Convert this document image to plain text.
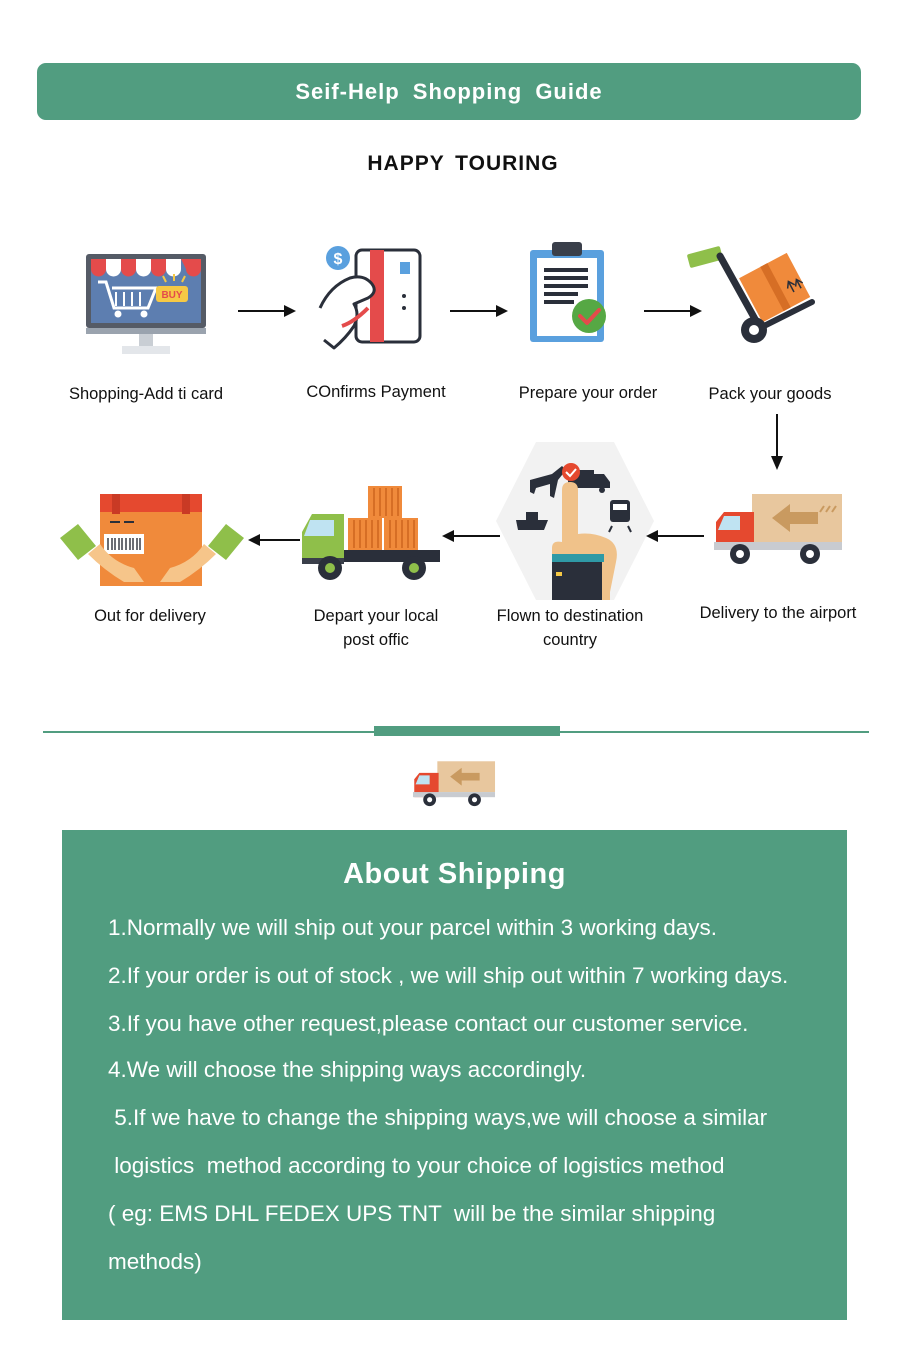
Seif-Help Shopping Guide
HAPPY TOURING
BUY
$
Shopping-Add ti card	COnfirms Payment	Prepare your order	Pack your goods
Delivery to the airport
Flown to destination
country
Depart your local
post offic
Out for delivery
About Shipping
1.Normally we will ship out your parcel within 3 working days.
2.If your order is out of stock , we will ship out within 7 working days.
3.If you have other request,please contact our customer service.
4.We will choose the shipping ways accordingly.
5.If we have to change the shipping ways,we will choose a similar
logistics  method according to your choice of logistics method
( eg: EMS DHL FEDEX UPS TNT  will be the similar shipping
methods)
